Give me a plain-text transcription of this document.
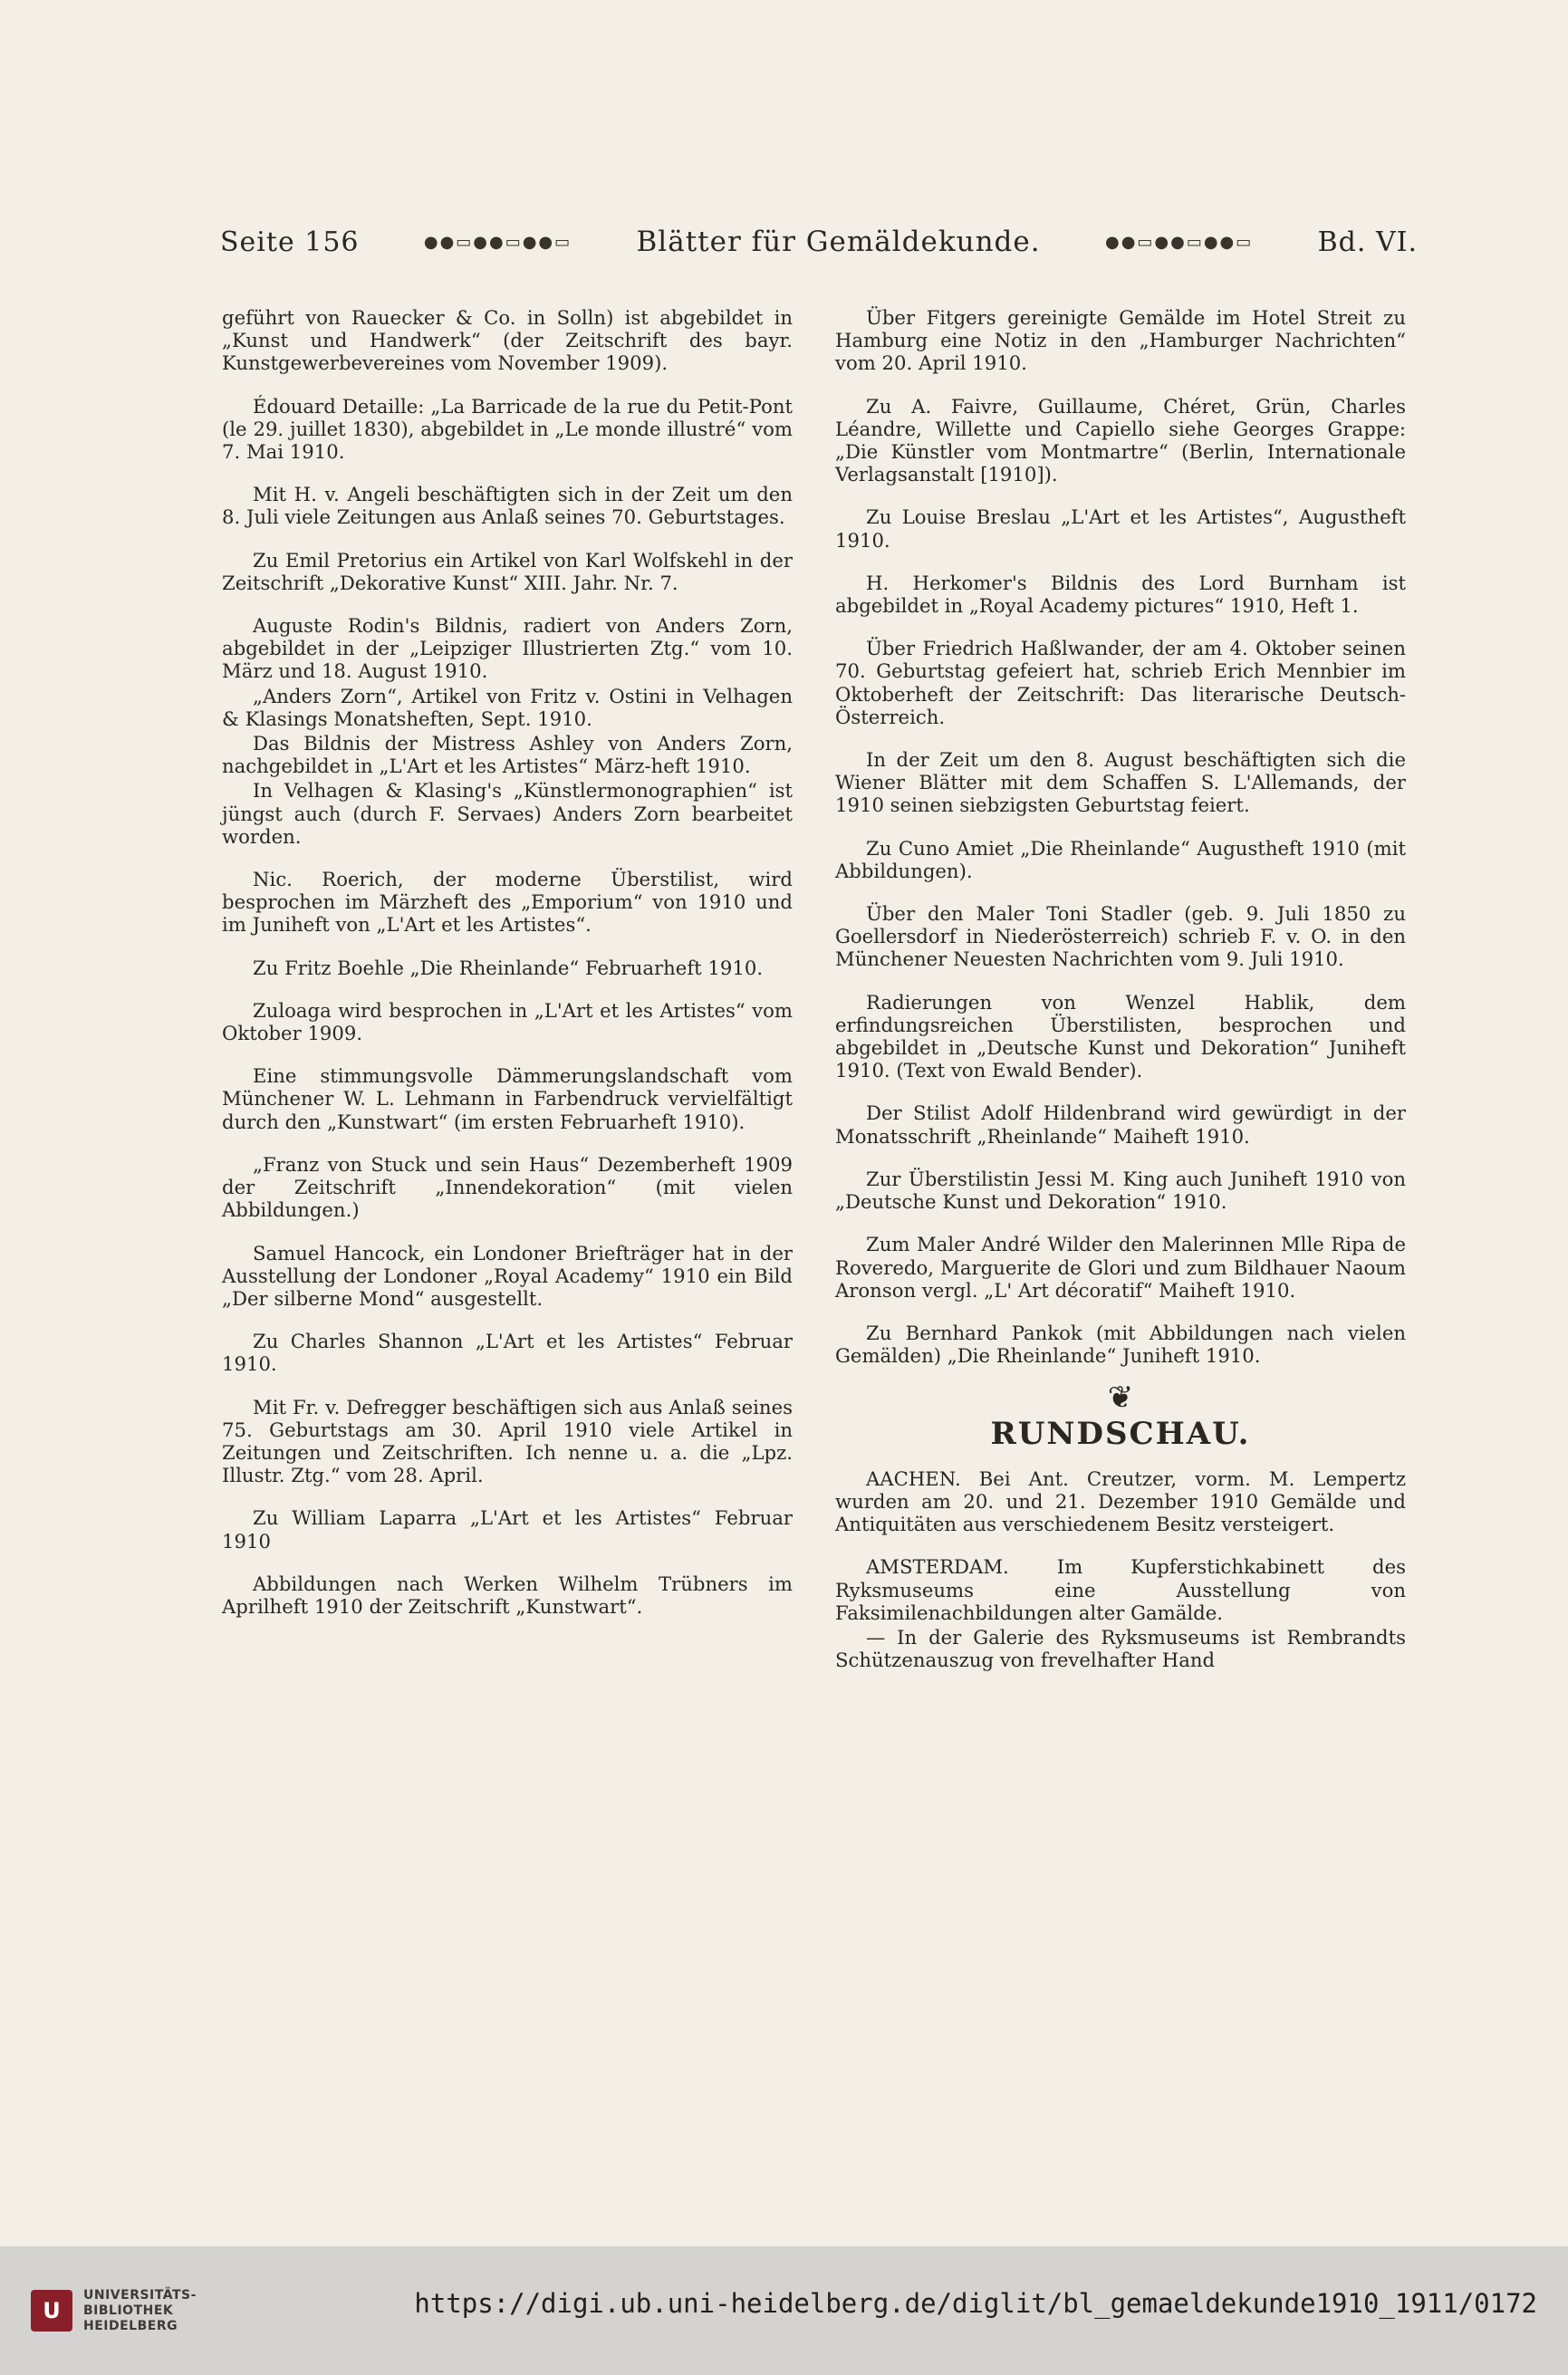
Seite 156	●●▭●●▭●●▭ Blätter für Gemäldekunde.	●●▭●●▭●●▭ Bd. VI.

geführt von Rauecker & Co. in Solln) ist abgebildet in „Kunst und Handwerk“ (der Zeitschrift des bayr. Kunstgewerbevereines vom November 1909).

Édouard Detaille: „La Barricade de la rue du Petit-Pont (le 29. juillet 1830), abgebildet in „Le monde illustré“ vom 7. Mai 1910.

Mit H. v. Angeli beschäftigten sich in der Zeit um den 8. Juli viele Zeitungen aus Anlaß seines 70. Geburtstages.

Zu Emil Pretorius ein Artikel von Karl Wolfskehl in der Zeitschrift „Dekorative Kunst“ XIII. Jahr. Nr. 7.

Auguste Rodin's Bildnis, radiert von Anders Zorn, abgebildet in der „Leipziger Illustrierten Ztg.“ vom 10. März und 18. August 1910.

„Anders Zorn“, Artikel von Fritz v. Ostini in Velhagen & Klasings Monatsheften, Sept. 1910.

Das Bildnis der Mistress Ashley von Anders Zorn, nachgebildet in „L'Art et les Artistes“ März-heft 1910.

In Velhagen & Klasing's „Künstlermonographien“ ist jüngst auch (durch F. Servaes) Anders Zorn bearbeitet worden.

Nic. Roerich, der moderne Überstilist, wird besprochen im Märzheft des „Emporium“ von 1910 und im Juniheft von „L'Art et les Artistes“.

Zu Fritz Boehle „Die Rheinlande“ Februarheft 1910.

Zuloaga wird besprochen in „L'Art et les Artistes“ vom Oktober 1909.

Eine stimmungsvolle Dämmerungslandschaft vom Münchener W. L. Lehmann in Farbendruck vervielfältigt durch den „Kunstwart“ (im ersten Februarheft 1910).

„Franz von Stuck und sein Haus“ Dezemberheft 1909 der Zeitschrift „Innendekoration“ (mit vielen Abbildungen.)

Samuel Hancock, ein Londoner Briefträger hat in der Ausstellung der Londoner „Royal Academy“ 1910 ein Bild „Der silberne Mond“ ausgestellt.

Zu Charles Shannon „L'Art et les Artistes“ Februar 1910.

Mit Fr. v. Defregger beschäftigen sich aus Anlaß seines 75. Geburtstags am 30. April 1910 viele Artikel in Zeitungen und Zeitschriften. Ich nenne u. a. die „Lpz. Illustr. Ztg.“ vom 28. April.

Zu William Laparra „L'Art et les Artistes“ Februar 1910

Abbildungen nach Werken Wilhelm Trübners im Aprilheft 1910 der Zeitschrift „Kunstwart“.

Über Fitgers gereinigte Gemälde im Hotel Streit zu Hamburg eine Notiz in den „Hamburger Nachrichten“ vom 20. April 1910.

Zu A. Faivre, Guillaume, Chéret, Grün, Charles Léandre, Willette und Capiello siehe Georges Grappe: „Die Künstler vom Montmartre“ (Berlin, Internationale Verlagsanstalt [1910]).

Zu Louise Breslau „L'Art et les Artistes“, Augustheft 1910.

H. Herkomer's Bildnis des Lord Burnham ist abgebildet in „Royal Academy pictures“ 1910, Heft 1.

Über Friedrich Haßlwander, der am 4. Oktober seinen 70. Geburtstag gefeiert hat, schrieb Erich Mennbier im Oktoberheft der Zeitschrift: Das literarische Deutsch-Österreich.

In der Zeit um den 8. August beschäftigten sich die Wiener Blätter mit dem Schaffen S. L'Allemands, der 1910 seinen siebzigsten Geburtstag feiert.

Zu Cuno Amiet „Die Rheinlande“ Augustheft 1910 (mit Abbildungen).

Über den Maler Toni Stadler (geb. 9. Juli 1850 zu Goellersdorf in Niederösterreich) schrieb F. v. O. in den Münchener Neuesten Nachrichten vom 9. Juli 1910.

Radierungen von Wenzel Hablik, dem erfindungsreichen Überstilisten, besprochen und abgebildet in „Deutsche Kunst und Dekoration“ Juniheft 1910. (Text von Ewald Bender).

Der Stilist Adolf Hildenbrand wird gewürdigt in der Monatsschrift „Rheinlande“ Maiheft 1910.

Zur Überstilistin Jessi M. King auch Juniheft 1910 von „Deutsche Kunst und Dekoration“ 1910.

Zum Maler André Wilder den Malerinnen Mlle Ripa de Roveredo, Marguerite de Glori und zum Bildhauer Naoum Aronson vergl. „L' Art décoratif“ Maiheft 1910.

Zu Bernhard Pankok (mit Abbildungen nach vielen Gemälden) „Die Rheinlande“ Juniheft 1910.

❦
RUNDSCHAU.

AACHEN. Bei Ant. Creutzer, vorm. M. Lempertz wurden am 20. und 21. Dezember 1910 Gemälde und Antiquitäten aus verschiedenem Besitz versteigert.

AMSTERDAM. Im Kupferstichkabinett des Ryksmuseums eine Ausstellung von Faksimilenachbildungen alter Gamälde.

— In der Galerie des Ryksmuseums ist Rembrandts Schützenauszug von frevelhafter Hand

U
UNIVERSITÄTS-
BIBLIOTHEK
HEIDELBERG
https://digi.ub.uni-heidelberg.de/diglit/bl_gemaeldekunde1910_1911/0172
